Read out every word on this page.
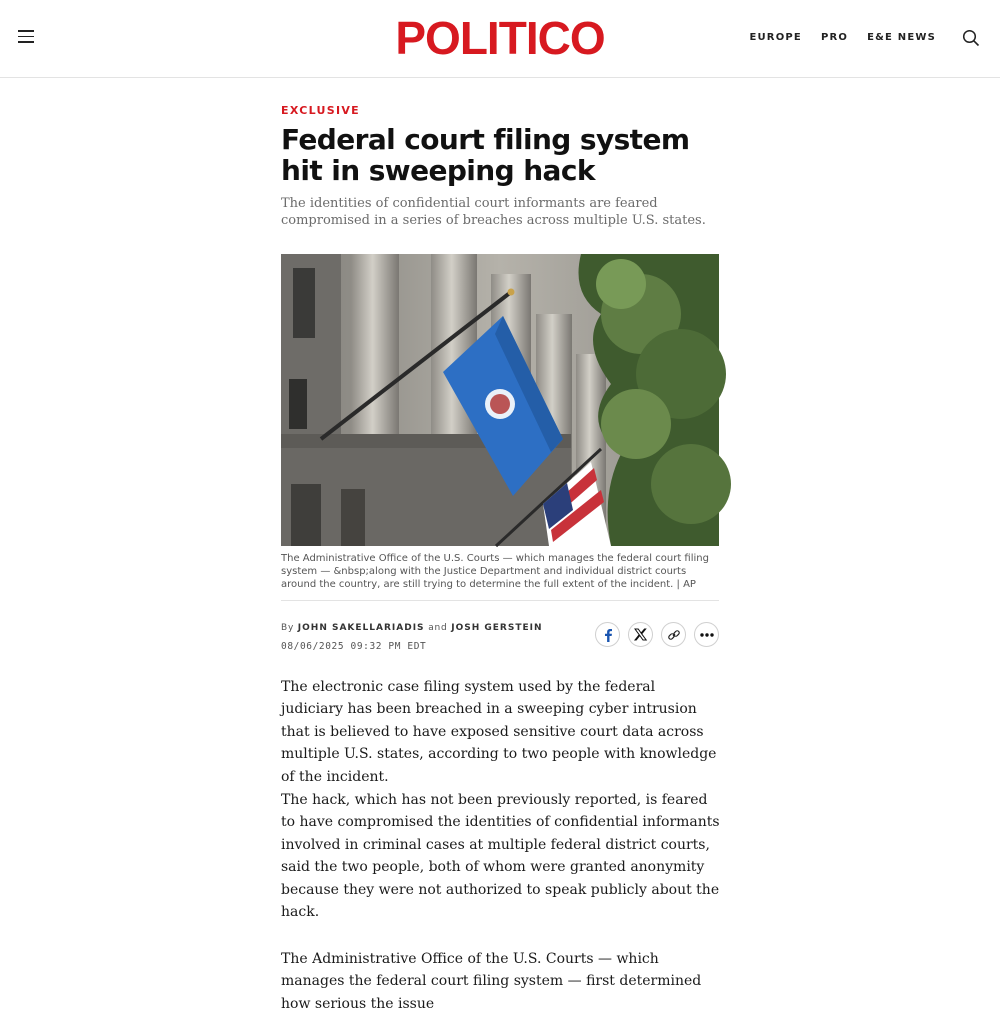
POLITICO	EUROPE PRO E&E NEWS
EXCLUSIVE
Federal court filing system hit in sweeping hack
The identities of confidential court informants are feared compromised in a series of breaches across multiple U.S. states.
The Administrative Office of the U.S. Courts — which manages the federal court filing system — &nbsp;along with the Justice Department and individual district courts around the country, are still trying to determine the full extent of the incident. | AP
By JOHN SAKELLARIADIS and JOSH GERSTEIN
08/06/2025 09:32 PM EDT

The electronic case filing system used by the federal judiciary has been breached in a sweeping cyber intrusion that is believed to have exposed sensitive court data across multiple U.S. states, according to two people with knowledge of the incident.

The hack, which has not been previously reported, is feared to have compromised the identities of confidential informants involved in criminal cases at multiple federal district courts, said the two people, both of whom were granted anonymity because they were not authorized to speak publicly about the hack.

The Administrative Office of the U.S. Courts — which manages the federal court filing system — first determined how serious the issue
